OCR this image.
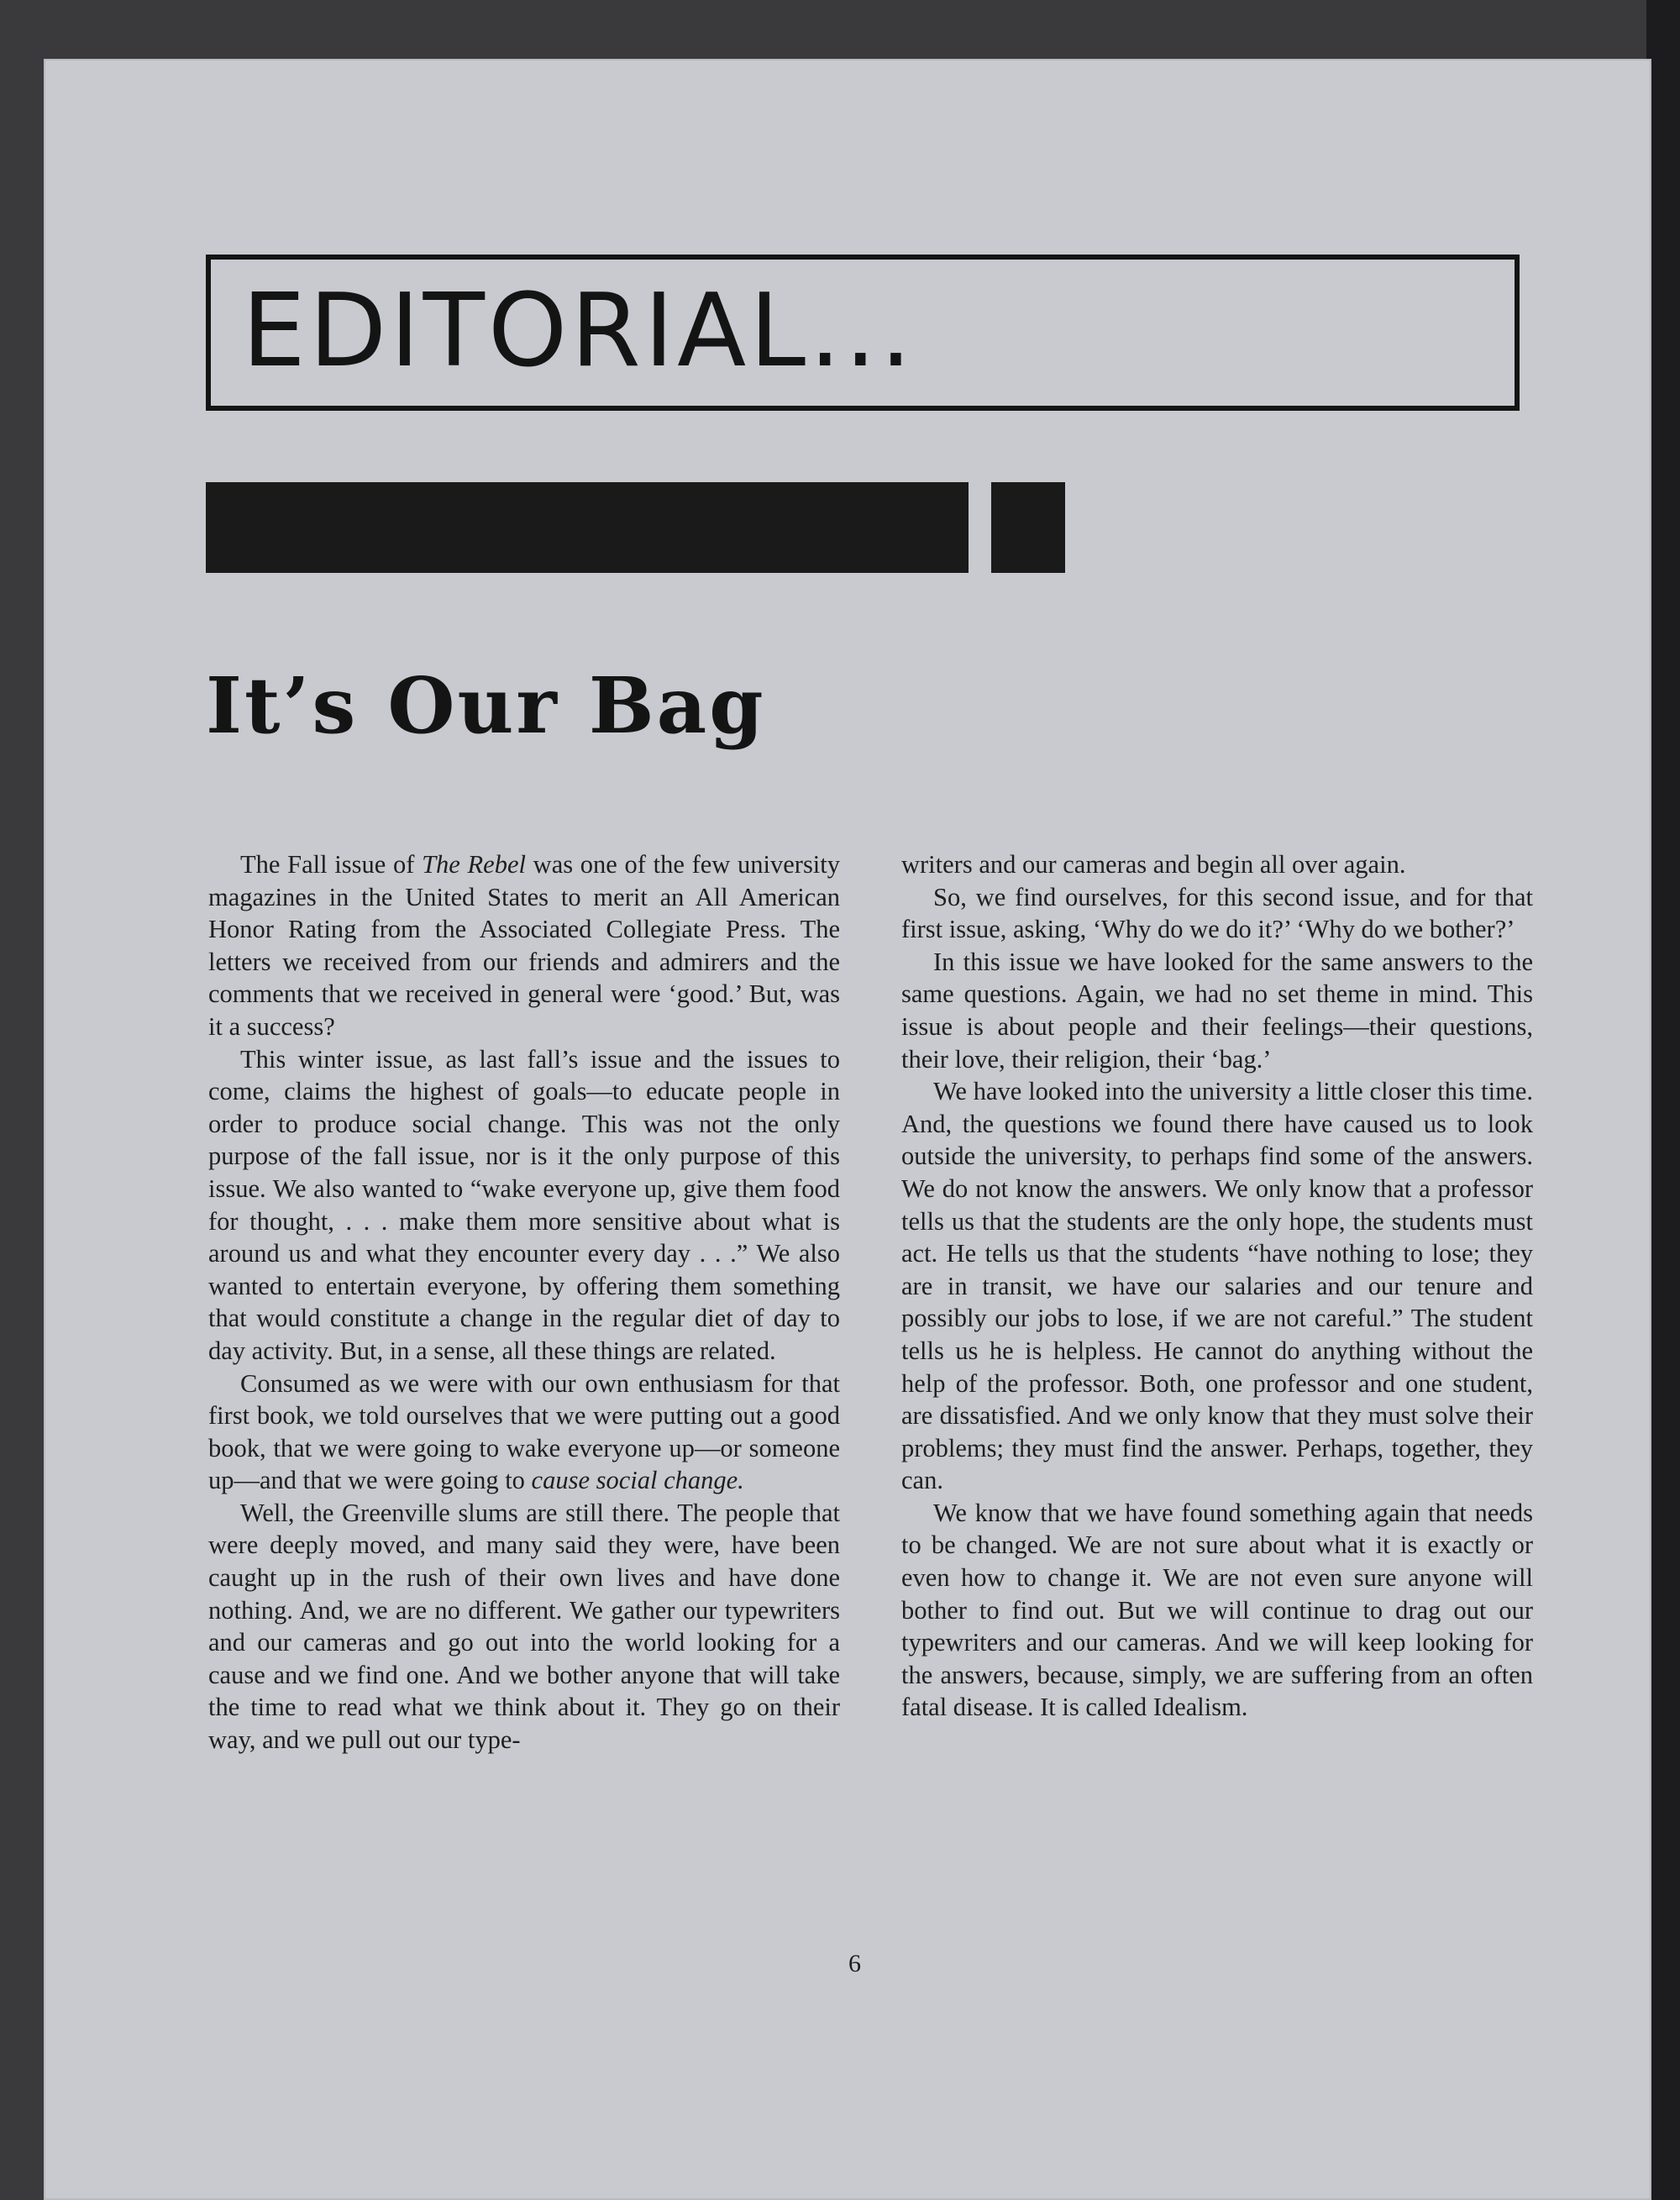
EDITORIAL...
It’s Our Bag

The Fall issue of The Rebel was one of the few university magazines in the United States to merit an All American Honor Rating from the Associated Collegiate Press. The letters we received from our friends and admirers and the comments that we received in general were ‘good.’ But, was it a success?

This winter issue, as last fall’s issue and the issues to come, claims the highest of goals—to educate people in order to produce social change. This was not the only purpose of the fall issue, nor is it the only purpose of this issue. We also wanted to “wake everyone up, give them food for thought, . . . make them more sensitive about what is around us and what they encounter every day . . .” We also wanted to entertain everyone, by offering them something that would constitute a change in the regular diet of day to day activity. But, in a sense, all these things are related.

Consumed as we were with our own enthusiasm for that first book, we told ourselves that we were putting out a good book, that we were going to wake everyone up—or someone up—and that we were going to cause social change.

Well, the Greenville slums are still there. The people that were deeply moved, and many said they were, have been caught up in the rush of their own lives and have done nothing. And, we are no different. We gather our typewriters and our cameras and go out into the world looking for a cause and we find one. And we bother anyone that will take the time to read what we think about it. They go on their way, and we pull out our type-

writers and our cameras and begin all over again.

So, we find ourselves, for this second issue, and for that first issue, asking, ‘Why do we do it?’ ‘Why do we bother?’

In this issue we have looked for the same answers to the same questions. Again, we had no set theme in mind. This issue is about people and their feelings—their questions, their love, their religion, their ‘bag.’

We have looked into the university a little closer this time. And, the questions we found there have caused us to look outside the university, to perhaps find some of the answers. We do not know the answers. We only know that a professor tells us that the students are the only hope, the students must act. He tells us that the students “have nothing to lose; they are in transit, we have our salaries and our tenure and possibly our jobs to lose, if we are not careful.” The student tells us he is helpless. He cannot do anything without the help of the professor. Both, one professor and one student, are dissatisfied. And we only know that they must solve their problems; they must find the answer. Perhaps, together, they can.

We know that we have found something again that needs to be changed. We are not sure about what it is exactly or even how to change it. We are not even sure anyone will bother to find out. But we will continue to drag out our typewriters and our cameras. And we will keep looking for the answers, because, simply, we are suffering from an often fatal disease. It is called Idealism.

6
